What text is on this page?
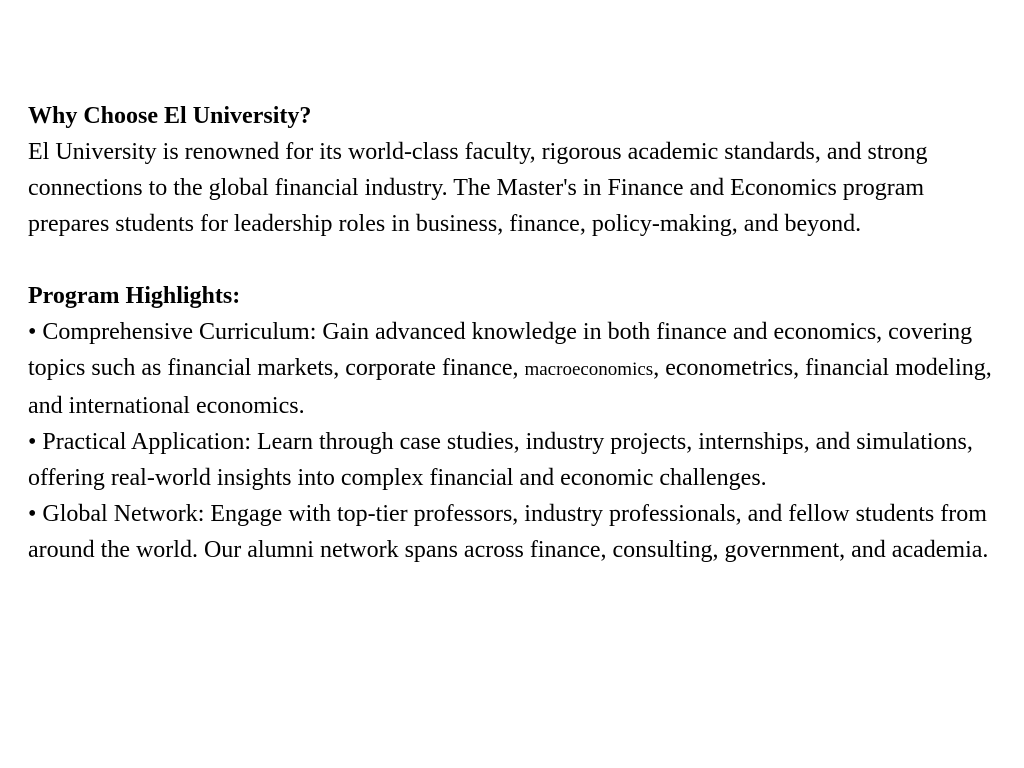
Why Choose El University?

El University is renowned for its world-class faculty, rigorous academic standards, and strong connections to the global financial industry. The Master's in Finance and Economics program prepares students for leadership roles in business, finance, policy-making, and beyond.

Program Highlights:

• Comprehensive Curriculum: Gain advanced knowledge in both finance and economics, covering topics such as financial markets, corporate finance, macroeconomics, econometrics, financial modeling, and international economics.

• Practical Application: Learn through case studies, industry projects, internships, and simulations, offering real-world insights into complex financial and economic challenges.

• Global Network: Engage with top-tier professors, industry professionals, and fellow students from around the world. Our alumni network spans across finance, consulting, government, and academia.
